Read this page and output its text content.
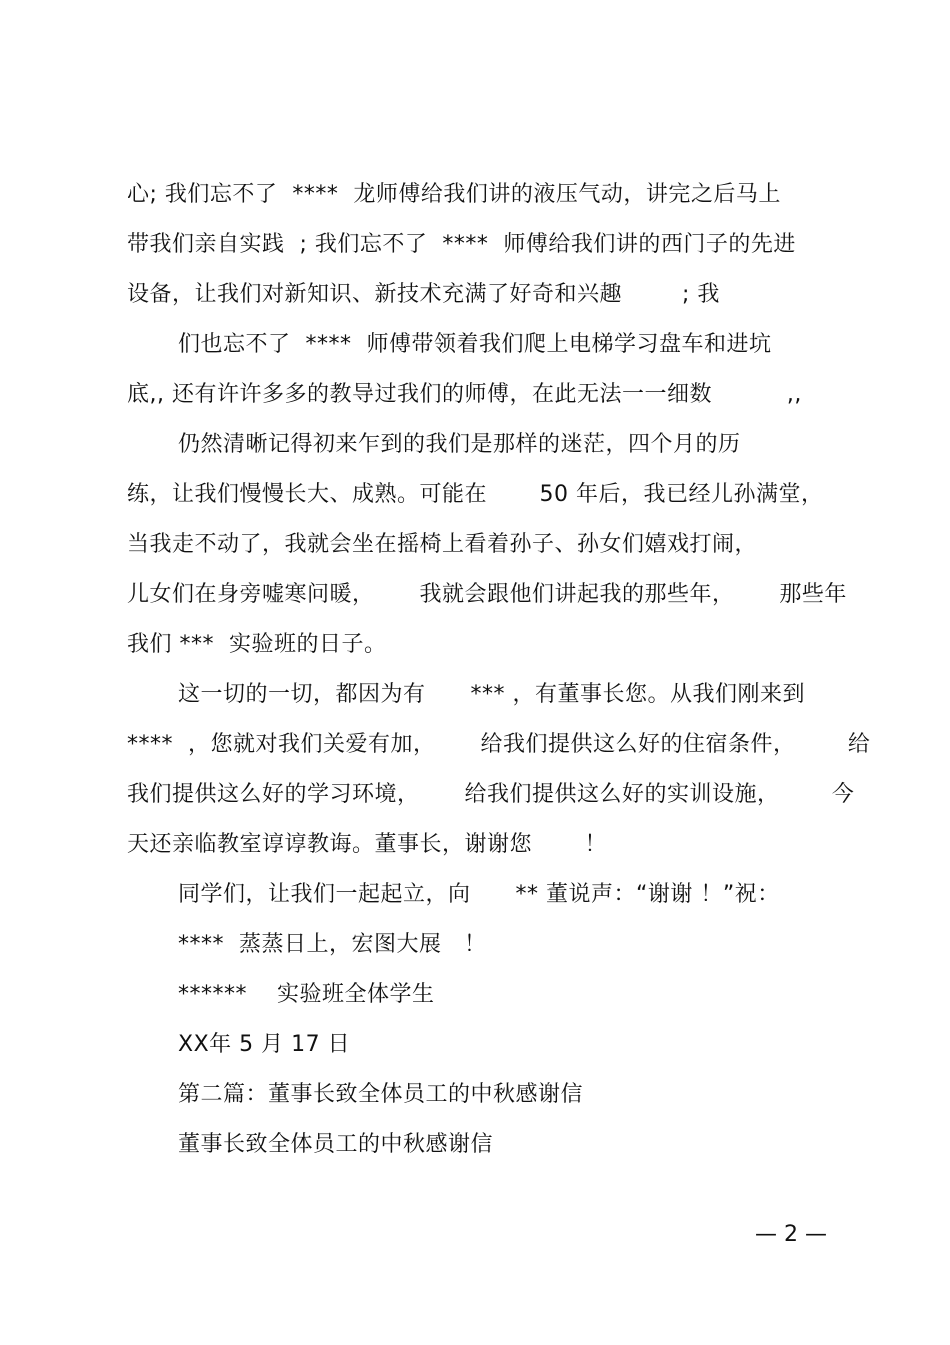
心; 我们忘不了  ****  龙师傅给我们讲的液压气动，讲完之后马上
带我们亲自实践  ; 我们忘不了  ****  师傅给我们讲的西门子的先进
设备，让我们对新知识、新技术充满了好奇和兴趣        ; 我
们也忘不了  ****  师傅带领着我们爬上电梯学习盘车和进坑
底,, 还有许许多多的教导过我们的师傅，在此无法一一细数          ,,
仍然清晰记得初来乍到的我们是那样的迷茫，四个月的历
练，让我们慢慢长大、成熟。可能在       50 年后，我已经儿孙满堂，
当我走不动了，我就会坐在摇椅上看着孙子、孙女们嬉戏打闹，
儿女们在身旁嘘寒问暖，      我就会跟他们讲起我的那些年，      那些年
我们 ***  实验班的日子。
这一切的一切，都因为有      *** ，有董事长您。从我们刚来到
****  ，您就对我们关爱有加，      给我们提供这么好的住宿条件，       给
我们提供这么好的学习环境，      给我们提供这么好的实训设施，       今
天还亲临教室谆谆教诲。董事长，谢谢您       ！
同学们，让我们一起起立，向      ** 董说声：“谢谢 ！”祝：
****  蒸蒸日上，宏图大展   ！
******    实验班全体学生
XX年 5 月 17 日
第二篇：董事长致全体员工的中秋感谢信
董事长致全体员工的中秋感谢信
— 2 —
